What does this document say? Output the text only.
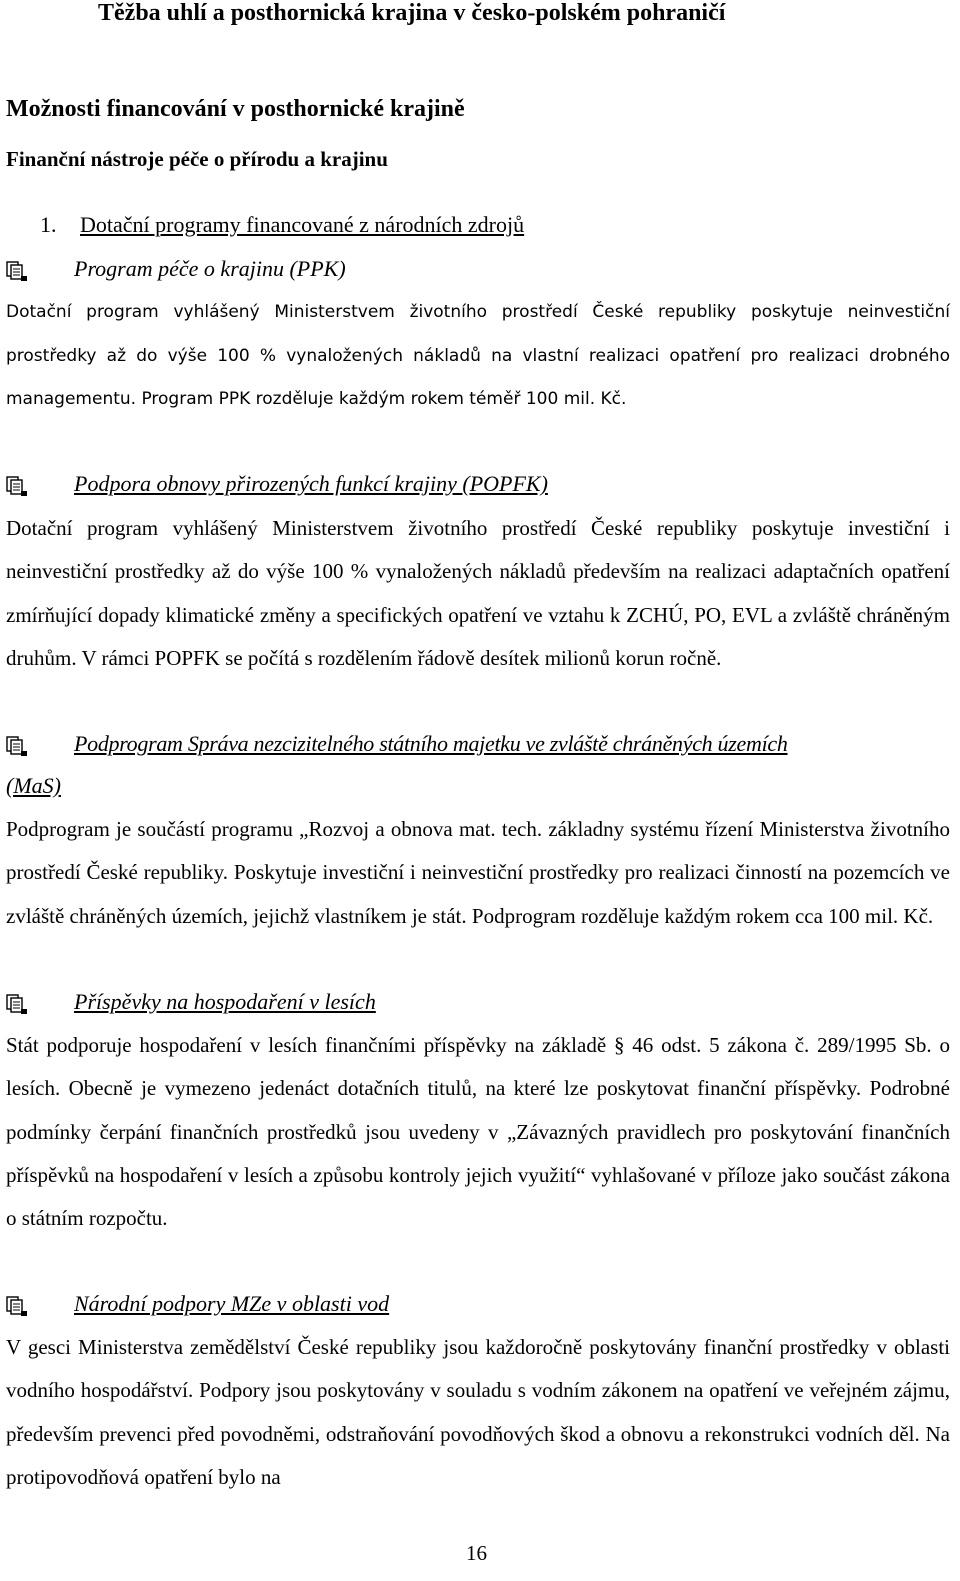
Těžba uhlí a posthornická krajina v česko-polském pohraničí
Možnosti financování v posthornické krajině
Finanční nástroje péče o přírodu a krajinu
1. Dotační programy financované z národních zdrojů
Program péče o krajinu (PPK)
Dotační program vyhlášený Ministerstvem životního prostředí České republiky poskytuje neinvestiční prostředky až do výše 100 % vynaložených nákladů na vlastní realizaci opatření pro realizaci drobného managementu. Program PPK rozděluje každým rokem téměř 100 mil. Kč.
Podpora obnovy přirozených funkcí krajiny (POPFK)
Dotační program vyhlášený Ministerstvem životního prostředí České republiky poskytuje investiční i neinvestiční prostředky až do výše 100 % vynaložených nákladů především na realizaci adaptačních opatření zmírňující dopady klimatické změny a specifických opatření ve vztahu k ZCHÚ, PO, EVL a zvláště chráněným druhům. V rámci POPFK se počítá s rozdělením řádově desítek milionů korun ročně.
Podprogram Správa nezcizitelného státního majetku ve zvláště chráněných územích
(MaS)
Podprogram je součástí programu „Rozvoj a obnova mat. tech. základny systému řízení Ministerstva životního prostředí České republiky. Poskytuje investiční i neinvestiční prostředky pro realizaci činností na pozemcích ve zvláště chráněných územích, jejichž vlastníkem je stát. Podprogram rozděluje každým rokem cca 100 mil. Kč.
Příspěvky na hospodaření v lesích
Stát podporuje hospodaření v lesích finančními příspěvky na základě § 46 odst. 5 zákona č. 289/1995 Sb. o lesích. Obecně je vymezeno jedenáct dotačních titulů, na které lze poskytovat finanční příspěvky. Podrobné podmínky čerpání finančních prostředků jsou uvedeny v „Závazných pravidlech pro poskytování finančních příspěvků na hospodaření v lesích a způsobu kontroly jejich využití“ vyhlašované v příloze jako součást zákona o státním rozpočtu.
Národní podpory MZe v oblasti vod
V gesci Ministerstva zemědělství České republiky jsou každoročně poskytovány finanční prostředky v oblasti vodního hospodářství. Podpory jsou poskytovány v souladu s vodním zákonem na opatření ve veřejném zájmu, především prevenci před povodněmi, odstraňování povodňových škod a obnovu a rekonstrukci vodních děl. Na protipovodňová opatření bylo na
16
